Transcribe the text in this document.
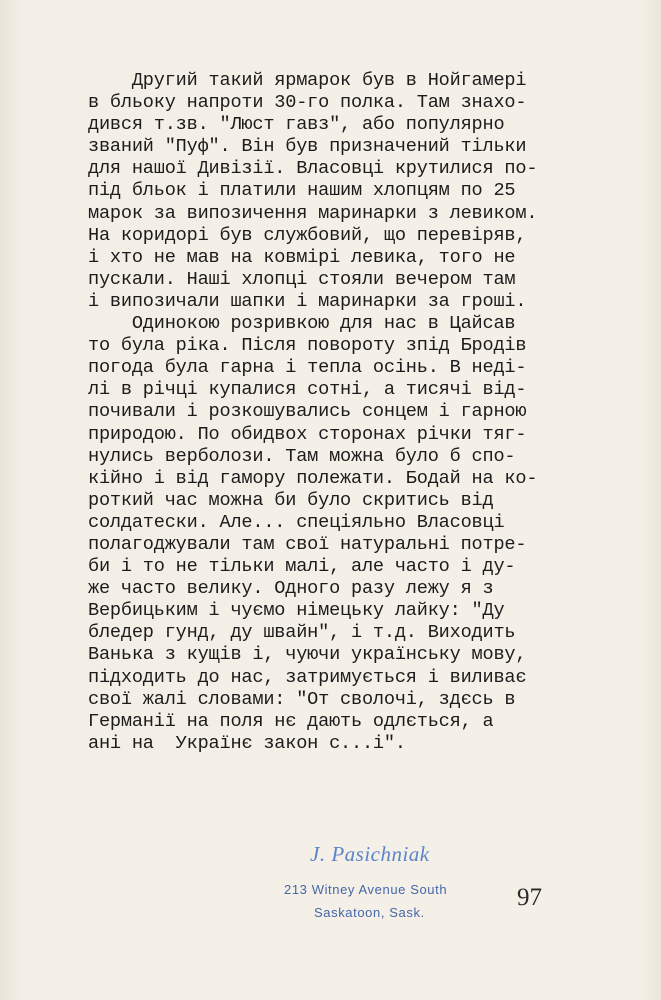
Другий такий ярмарок був в Нойгамері
в бльоку напроти 30-го полка. Там знахо-
дився т.зв. "Люст гавз", або популярно
званий "Пуф". Він був призначений тільки
для нашої Дивізії. Власовці крутилися по-
під бльок і платили нашим хлопцям по 25
марок за випозичення маринарки з левиком.
На коридорі був службовий, що перевіряв,
і хто не мав на ковмірі левика, того не
пускали. Наші хлопці стояли вечером там
і випозичали шапки і маринарки за гроші.
Одинокою розривкою для нас в Цайсав
то була ріка. Після повороту зпід Бродів
погода була гарна і тепла осінь. В неді-
лі в річці купалися сотні, а тисячі від-
почивали і розкошувались сонцем і гарною
природою. По обидвох сторонах річки тяг-
нулись верболози. Там можна було б спо-
кійно і від гамору полежати. Бодай на ко-
роткий час можна би було скритись від
солдатески. Але... спеціяльно Власовці
полагоджували там свої натуральні потре-
би і то не тільки малі, але часто і ду-
же часто велику. Одного разу лежу я з
Вербицьким і чуємо німецьку лайку: "Ду
бледер гунд, ду швайн", і т.д. Виходить
Ванька з кущів і, чуючи українську мову,
підходить до нас, затримується і виливає
свої жалі словами: "От сволочі, здєсь в
Германії на поля нє дають одлється, а
ані на  Українє закон с...і".
J. Pasichniak
213 Witney Avenue South
Saskatoon, Sask.
97
